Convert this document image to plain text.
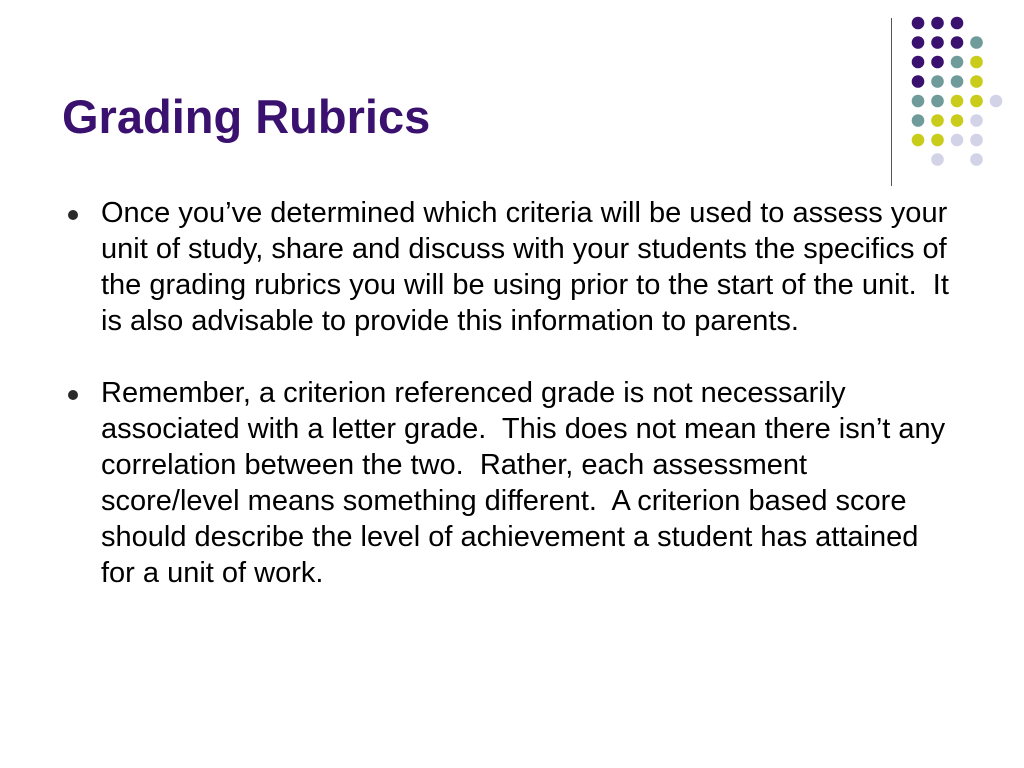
Grading Rubrics
Once you’ve determined which criteria will be used to assess your unit of study, share and discuss with your students the specifics of the grading rubrics you will be using prior to the start of the unit.  It is also advisable to provide this information to parents.
Remember, a criterion referenced grade is not necessarily associated with a letter grade.  This does not mean there isn’t any correlation between the two.  Rather, each assessment score/level means something different.  A criterion based score should describe the level of achievement a student has attained for a unit of work.
